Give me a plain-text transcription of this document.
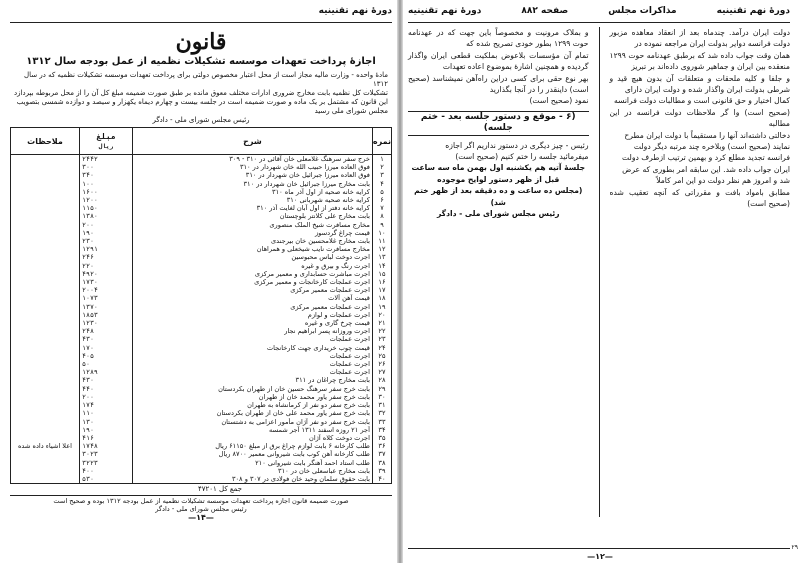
دورهٔ نهم تقنینیه
قانون
اجازهٔ پرداخت تعهدات موسسه تشکیلات نظمیه از عمل بودجه سال ۱۳۱۲

مادهٔ واحده - وزارت مالیه مجاز است از محل اعتبار مخصوص دولتی برای پرداخت تعهدات موسسه تشکیلات نظمیه که در سال ۱۳۱۲

تشکیلات کل نظمیه بابت مخارج ضروری ادارات مختلف معوق مانده بر طبق صورت ضمیمه مبلغ کل آن را از محل مربوطه بپردازد

این قانون که مشتمل بر یک ماده و صورت ضمیمه است در جلسه بیست و چهارم دیماه یکهزار و سیصد و دوازده شمسی بتصویب

مجلس شورای ملی رسید

رئیس مجلس شورای ملی - دادگر

نمره	شرح	مبلغ
ریال	ملاحظات
۱	خرج سفر سرهنگ غلامعلی خان آقائی در ۳۱۰ - ۳۰۹	۲۴۴۲	
۲	فوق العاده میرزا حبیب الله خان شهردار در ۳۱۰	۳۰۰	
۳	فوق العاده میرزا جبرائیل خان شهردار در ۳۱۰	۳۴۰	
۴	بابت مخارج میرزا جبرائیل خان شهردار در ۳۱۰	۱۰۰	
۵	کرایه خانه صحیه از اول آذر ماه ۳۱۰	۱۶۰۰	
۶	کرایه خانه صحیه شهربانی ۳۱۰	۱۲۰۰	
۷	کرایه خانه دفتر از اول آبان لغایت آذر ۳۱۰	۱۱۵۰	
۸	بابت مخارج علی کلانتر بلوچستان	۱۳۸۰	
۹	مخارج مسافرت شیخ الملک منصوری	۲۰۰	
۱۰	قیمت چراغ گردسوز	۱۹۰	
۱۱	بابت مخارج غلامحسین خان بیرجندی	۲۳۰	
۱۲	مخارج مسافرت نایب شیخعلی و همراهان	۱۲۹۱	
۱۳	اجرت دوخت لباس محبوسین	۲۴۶	
۱۴	اجرت رنگ و بیرق و غیره	۲۲۰	
۱۵	اجرت مباشرت حسابداری و معمیر مرکزی	۴۹۲۰	
۱۶	اجرت عملجات کارخانجات و معمیر مرکزی	۱۷۳۰	
۱۷	اجرت عملجات معمیر مرکزی	۲۰۰۴	
۱۸	قیمت آهن آلات	۱۰۷۳	
۱۹	اجرت عملجات معمیر مرکزی	۱۳۷۰	
۲۰	اجرت عملجات و لوازم	۱۸۵۳	
۲۱	قیمت چرخ گاری و غیره	۱۲۳۰	
۲۲	اجرت وروزانه پسر ابراهیم نجار	۲۴۸	
۲۳	اجرت عملجات	۴۳۰	
۲۴	قیمت چوب خریداری جهت کارخانجات	۱۷۰	
۲۵	اجرت عملجات	۴۰۵	
۲۶	اجرت عملجات	۵۰	
۲۷	اجرت عملجات	۱۲۸۹	
۲۸	بابت مخارج چراغان در ۳۱۱	۴۳۰	
۲۹	بابت خرج سفر سرهنگ حسین خان از طهران بکردستان	۴۴۰	
۳۰	بابت خرج سفر یاور محمد خان از طهران	۲۰۰	
۳۱	بابت خرج سفر دو نفر از کرمانشاه به طهران	۱۷۴	
۳۲	بابت خرج سفر یاور محمد علی خان از طهران بکردستان	۱۱۰	
۳۳	بابت خرج سفر دو نفر آژان مأمور اعزامی به دشتستان	۱۳۰	
۳۴	آجر ۲۱ روزه اسفند ۱۳۱۱ آجر شمسه	۱۹۰	
۳۵	اجرت دوخت کلاه آژان	۴۱۶	
۳۶	طلب کارخانه ۶ بابت لوازم چراغ برق از مبلغ ۶۱۱۵۰ ریال	۱۷۴۸	اعلا اشیاء داده شده
۳۷	طلب کارخانه آهن کوب بابت شیروانی معمیر ۸۷۰۰ ریال	۳۰۲۳	
۳۸	طلب استاد احمد آهنگر بابت شیروانی ۲۱۰	۳۲۲۳	
۳۹	بابت مخارج عباسعلی خان در ۳۱۰	۴۰۰	
۴۰	بابت حقوق سلمان وحید خان فولادی در ۳۰۷ و ۳۰۸	۵۳۰	
جمع کل ۴۷۲۰۱
صورت ضمیمه قانون اجازه پرداخت تعهدات موسسه تشکیلات نظمیه از عمل بودجه ۱۳۱۲ بوده و صحیح است
رئیس مجلس شورای ملی - دادگر
—۱۴—
دورهٔ نهم تقنینیه
مذاکرات مجلس
صفحه ۸۸۲
دورهٔ نهم تقنینیه

دولت ایران درآمد. چندماه بعد از انعقاد معاهده مزبور دولت فرانسه دوایر بدولت ایران مراجعه نموده در

همان وقت جواب داده شد که برطبق عهدنامه حوت ۱۲۹۹ منعقده بین ایران و جماهیر شوروی داده‌اند بر تبریز

و جلفا و کلیه ملحقات و متعلقات آن بدون هیچ قید و شرطی بدولت ایران واگذار شده و دولت ایران دارای

کمال اختیار و حق قانونی است و مطالبات دولت فرانسه

(صحیح است) وا گر ملاحظات دولت فرانسه در این مطالبه

دخالتی داشته‌اند آنها را مستقیماً با دولت ایران مطرح

نمایند (صحیح است) وبلاخره چند مرتبه دیگر دولت

فرانسه تجدید مطلع کرد و بهمین ترتیب ازطرف دولت

ایران جواب داده شد. این سابقه امر بطوری که عرض

شد و امروز هم نظر دولت دو این امر کاملاً

مطابق بامواد بافت و مقرراتی که آنچه تعقیب شده (صحیح است)

و بملاک مرونیت و مخصوصاً باین جهت که در عهدنامه حوت ۱۲۹۹ بطور خودی تصریح شده که

تمام آن مؤسسات بلاعوض بملکیت قطعی ایران واگذار گردیده و همچنین اشارهٔ بموضوع اعاده تعهدات

بهر نوع حقی برای کسی دراین راه‌آهن نمیشناسد (صحیح است) داینقدر را در آنجا بگذارید

نمود (صحیح است)

(۶ - موقع و دستور جلسه بعد - ختم جلسه)

رئیس - چیز دیگری در دستور نداریم اگر اجازه

میفرمائید جلسه را ختم کنیم (صحیح است)

جلسهٔ آتیه هم یکشنبه اول بهمن ماه سه ساعت قبل از ظهر دستور لوایح موجوده

(مجلس ده ساعت و ده دقیقه بعد از ظهر ختم شد)

رئیس مجلس شورای ملی - دادگر

—۱۲—
۲۹
